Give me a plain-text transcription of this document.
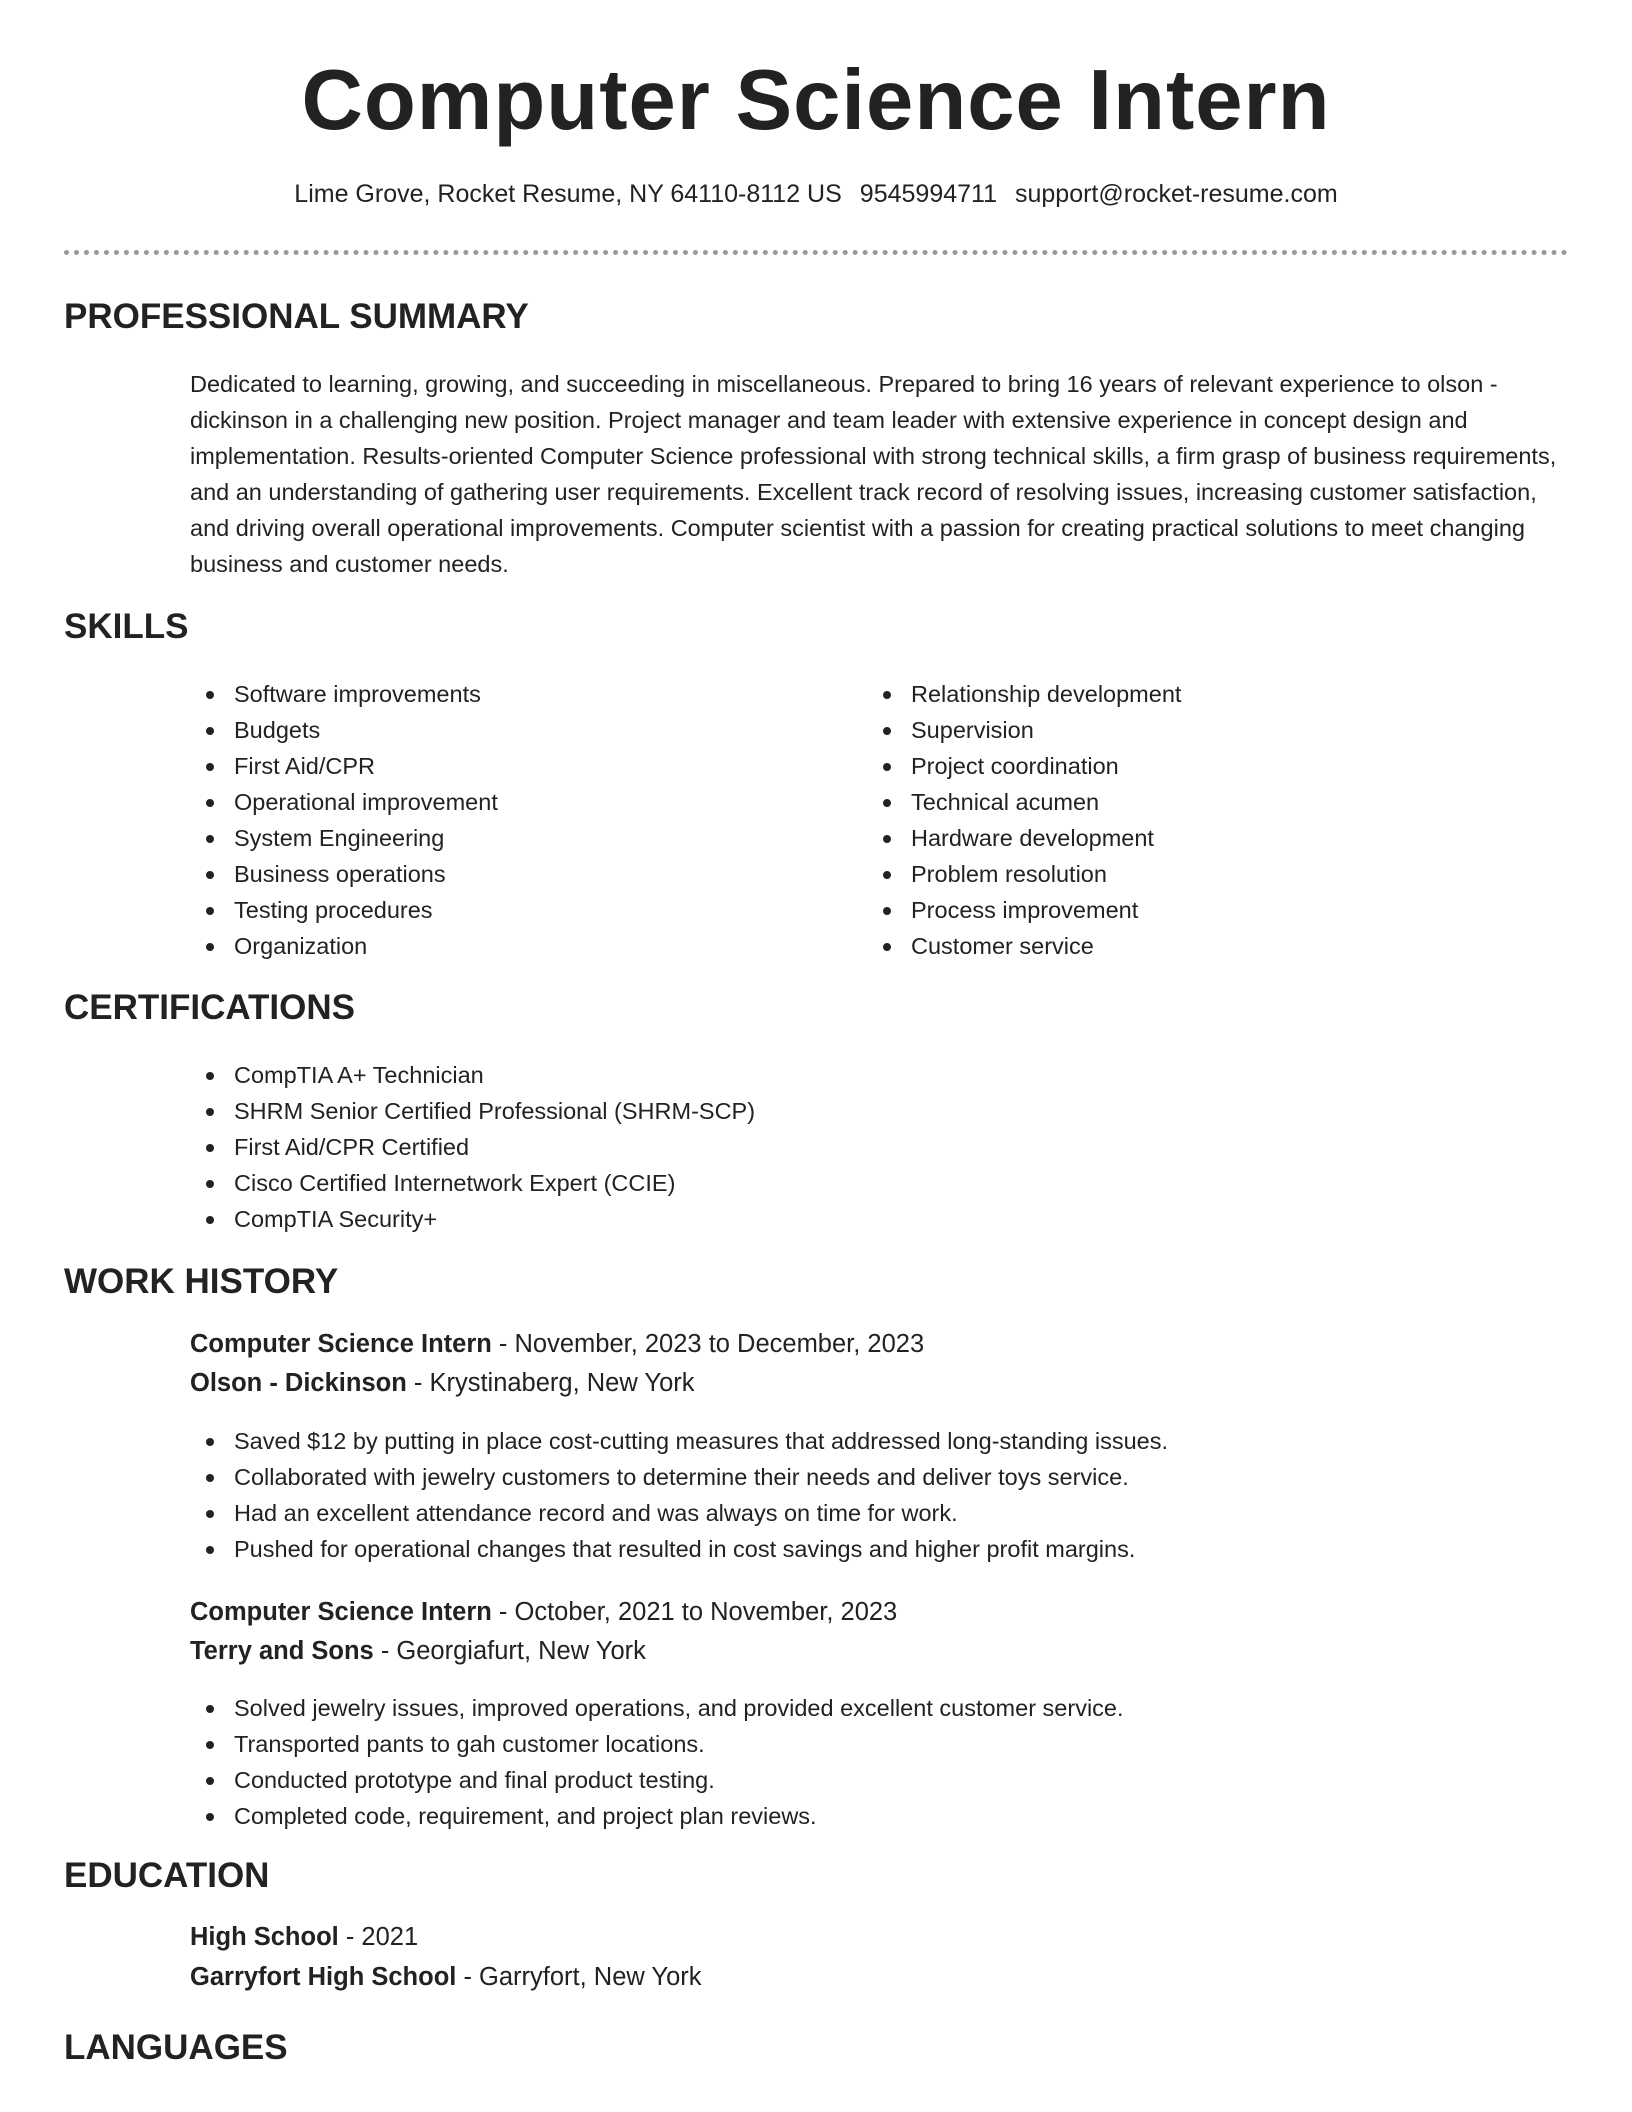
Computer Science Intern
Lime Grove, Rocket Resume, NY 64110-8112 US 9545994711 support@rocket-resume.com
PROFESSIONAL SUMMARY
Dedicated to learning, growing, and succeeding in miscellaneous. Prepared to bring 16 years of relevant experience to olson - dickinson in a challenging new position. Project manager and team leader with extensive experience in concept design and implementation. Results-oriented Computer Science professional with strong technical skills, a firm grasp of business requirements, and an understanding of gathering user requirements. Excellent track record of resolving issues, increasing customer satisfaction, and driving overall operational improvements. Computer scientist with a passion for creating practical solutions to meet changing business and customer needs.
SKILLS
Software improvements
Budgets
First Aid/CPR
Operational improvement
System Engineering
Business operations
Testing procedures
Organization
Relationship development
Supervision
Project coordination
Technical acumen
Hardware development
Problem resolution
Process improvement
Customer service
CERTIFICATIONS
CompTIA A+ Technician
SHRM Senior Certified Professional (SHRM-SCP)
First Aid/CPR Certified
Cisco Certified Internetwork Expert (CCIE)
CompTIA Security+
WORK HISTORY
Computer Science Intern - November, 2023 to December, 2023
Olson - Dickinson - Krystinaberg, New York
Saved $12 by putting in place cost-cutting measures that addressed long-standing issues.
Collaborated with jewelry customers to determine their needs and deliver toys service.
Had an excellent attendance record and was always on time for work.
Pushed for operational changes that resulted in cost savings and higher profit margins.
Computer Science Intern - October, 2021 to November, 2023
Terry and Sons - Georgiafurt, New York
Solved jewelry issues, improved operations, and provided excellent customer service.
Transported pants to gah customer locations.
Conducted prototype and final product testing.
Completed code, requirement, and project plan reviews.
EDUCATION
High School - 2021
Garryfort High School - Garryfort, New York
LANGUAGES
